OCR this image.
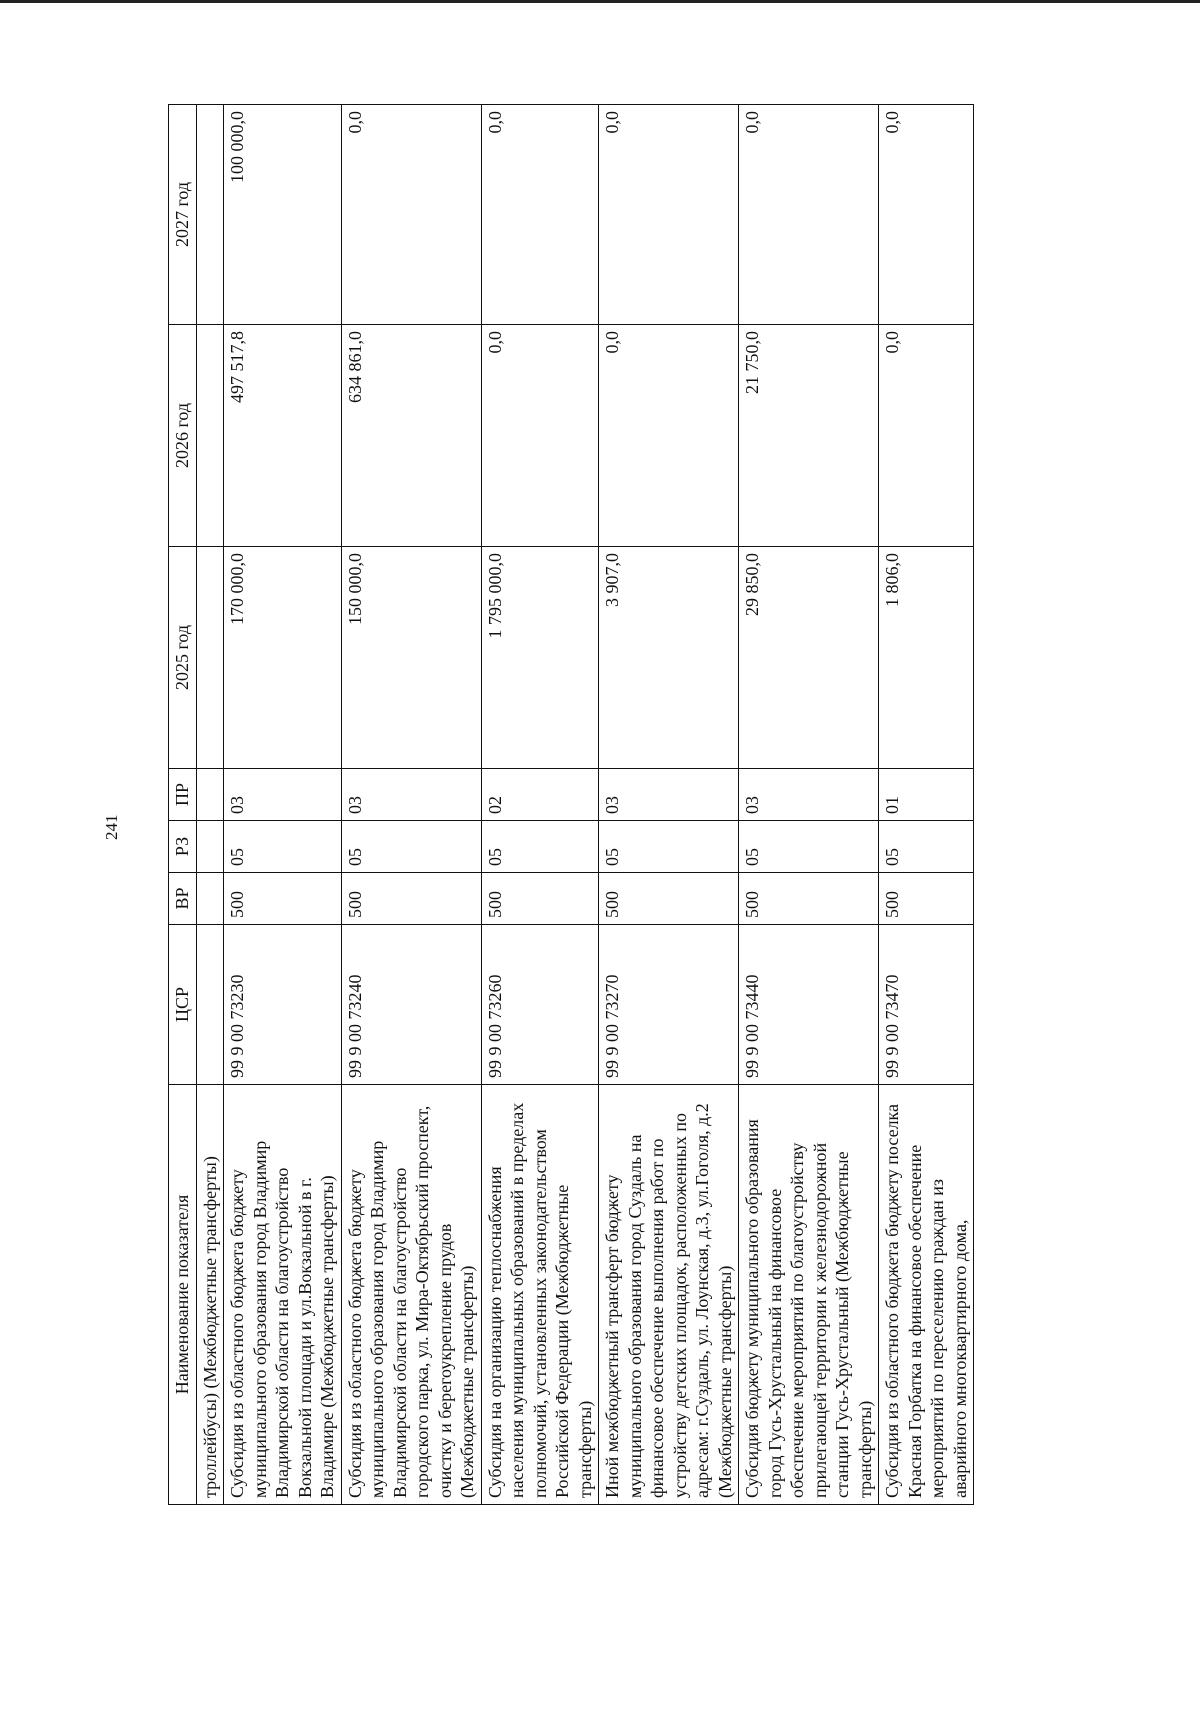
241
Наименование показателя	ЦСР	ВР	РЗ	ПР	2025 год	2026 год	2027 год
троллейбусы) (Межбюджетные трансферты)							
Субсидия из областного бюджета бюджету муниципального образования город Владимир Владимирской области на благоустройство Вокзальной площади и ул.Вокзальной в г. Владимире (Межбюджетные трансферты)	99 9 00 73230	500	05	03	170 000,0	497 517,8	100 000,0
Субсидия из областного бюджета бюджету муниципального образования город Владимир Владимирской области на благоустройство городского парка, ул. Мира-Октябрьский проспект, очистку и берегоукрепление прудов (Межбюджетные трансферты)	99 9 00 73240	500	05	03	150 000,0	634 861,0	0,0
Субсидия на организацию теплоснабжения населения муниципальных образований в пределах полномочий, установленных законодательством Российской Федерации (Межбюджетные трансферты)	99 9 00 73260	500	05	02	1 795 000,0	0,0	0,0
Иной межбюджетный трансферт бюджету муниципального образования город Суздаль на финансовое обеспечение выполнения работ по устройству детских площадок, расположенных по адресам: г.Суздаль, ул. Лоунская, д.3, ул.Гоголя, д.2 (Межбюджетные трансферты)	99 9 00 73270	500	05	03	3 907,0	0,0	0,0
Субсидия бюджету муниципального образования город Гусь-Хрустальный на финансовое обеспечение мероприятий по благоустройству прилегающей территории к железнодорожной станции Гусь-Хрустальный (Межбюджетные трансферты)	99 9 00 73440	500	05	03	29 850,0	21 750,0	0,0
Субсидия из областного бюджета бюджету поселка Красная Горбатка на финансовое обеспечение мероприятий по переселению граждан из аварийного многоквартирного дома,	99 9 00 73470	500	05	01	1 806,0	0,0	0,0
